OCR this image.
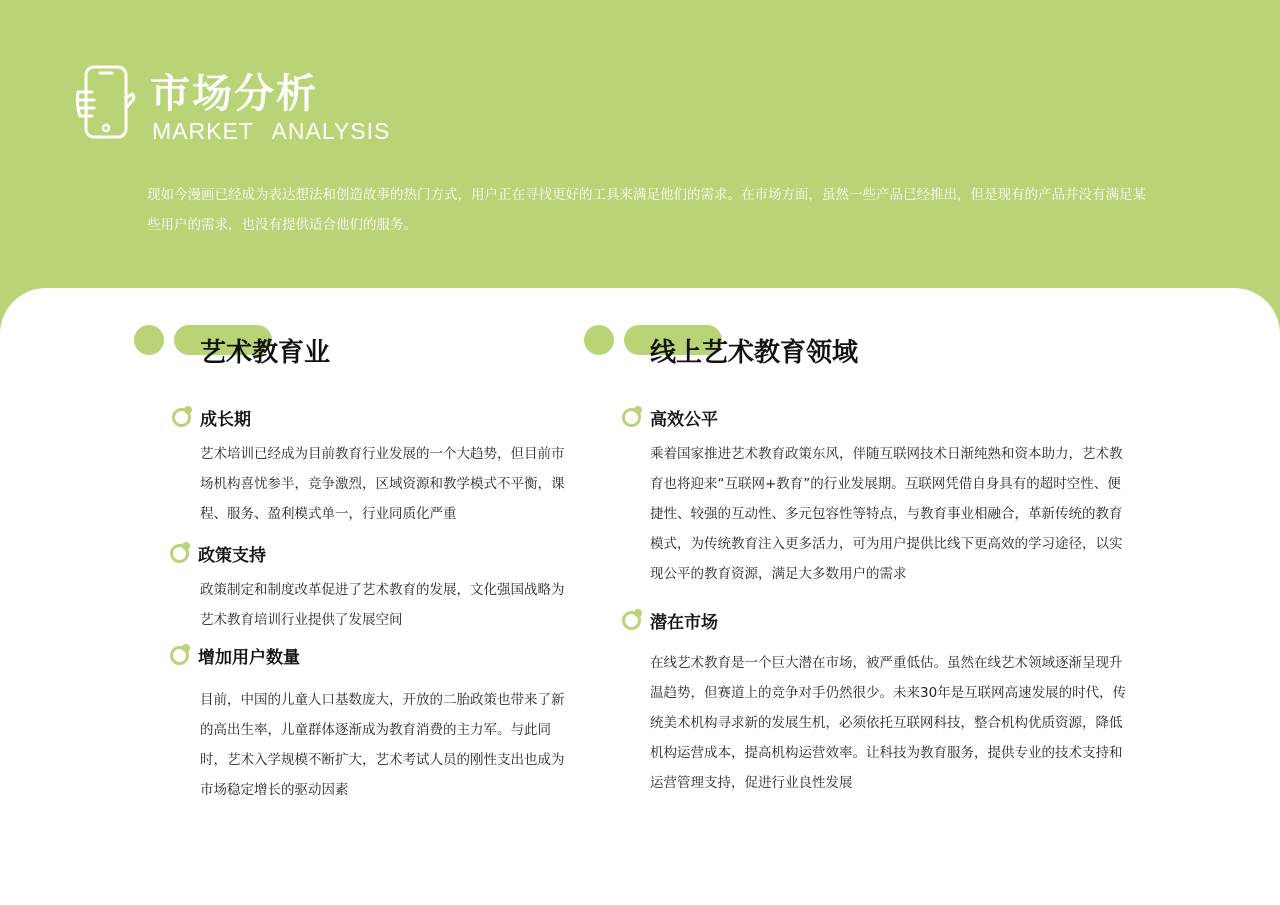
市场分析
MARKET ANALYSIS
现如今漫画已经成为表达想法和创造故事的热门方式，用户正在寻找更好的工具来满足他们的需求。在市场方面，虽然一些产品已经推出，但是现有的产品并没有满足某些用户的需求，也没有提供适合他们的服务。
艺术教育业
成长期
艺术培训已经成为目前教育行业发展的一个大趋势，但目前市场机构喜忧参半，竞争激烈，区域资源和教学模式不平衡，课程、服务、盈利模式单一，行业同质化严重
政策支持
政策制定和制度改革促进了艺术教育的发展，文化强国战略为艺术教育培训行业提供了发展空间
增加用户数量
目前，中国的儿童人口基数庞大，开放的二胎政策也带来了新的高出生率，儿童群体逐渐成为教育消费的主力军。与此同时，艺术入学规模不断扩大，艺术考试人员的刚性支出也成为市场稳定增长的驱动因素
线上艺术教育领域
高效公平
乘着国家推进艺术教育政策东风，伴随互联网技术日渐纯熟和资本助力，艺术教育也将迎来“互联网+教育”的行业发展期。互联网凭借自身具有的超时空性、便捷性、较强的互动性、多元包容性等特点，与教育事业相融合，革新传统的教育模式，为传统教育注入更多活力，可为用户提供比线下更高效的学习途径，以实现公平的教育资源，满足大多数用户的需求
潜在市场
在线艺术教育是一个巨大潜在市场，被严重低估。虽然在线艺术领域逐渐呈现升温趋势，但赛道上的竞争对手仍然很少。未来30年是互联网高速发展的时代，传统美术机构寻求新的发展生机，必须依托互联网科技，整合机构优质资源，降低机构运营成本，提高机构运营效率。让科技为教育服务，提供专业的技术支持和运营管理支持，促进行业良性发展
